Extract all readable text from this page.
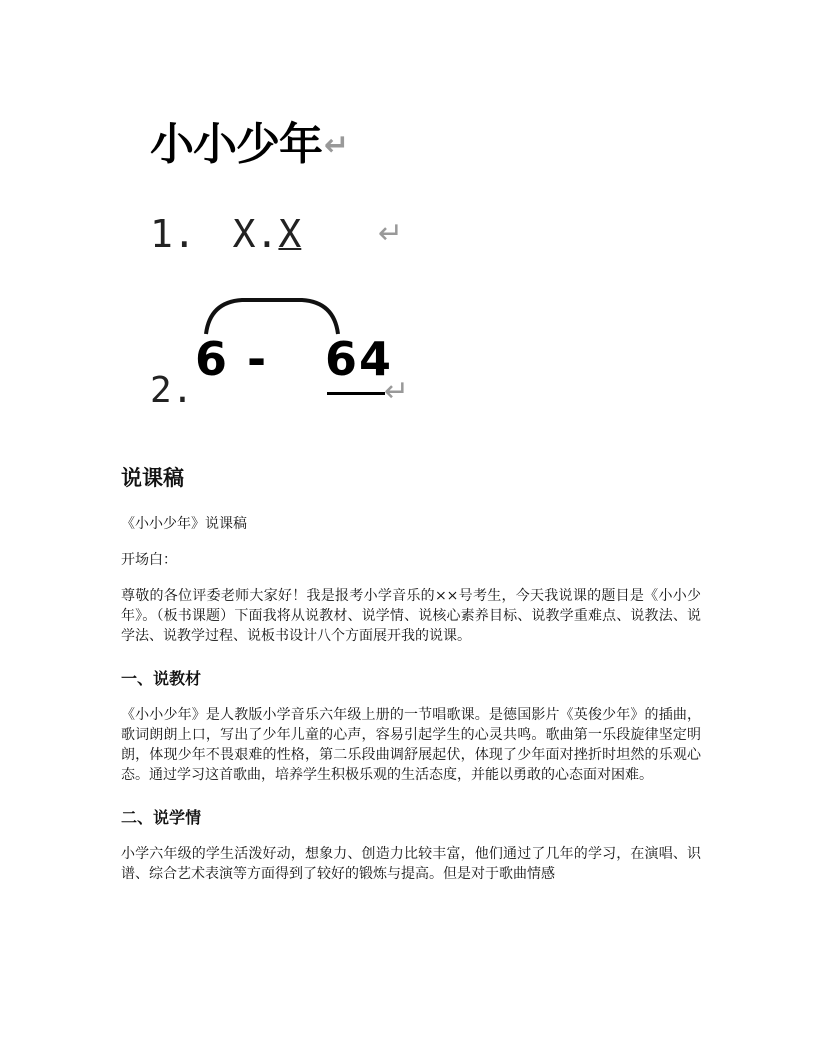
小小少年↵
1. X.X	↵
2.
6 - 64
↵
说课稿

《小小少年》说课稿

开场白：

尊敬的各位评委老师大家好！我是报考小学音乐的××号考生，今天我说课的题目是《小小少年》。（板书课题）下面我将从说教材、说学情、说核心素养目标、说教学重难点、说教法、说学法、说教学过程、说板书设计八个方面展开我的说课。

一、说教材

《小小少年》是人教版小学音乐六年级上册的一节唱歌课。是德国影片《英俊少年》的插曲，歌词朗朗上口，写出了少年儿童的心声，容易引起学生的心灵共鸣。歌曲第一乐段旋律坚定明朗，体现少年不畏艰难的性格，第二乐段曲调舒展起伏，体现了少年面对挫折时坦然的乐观心态。通过学习这首歌曲，培养学生积极乐观的生活态度，并能以勇敢的心态面对困难。

二、说学情

小学六年级的学生活泼好动，想象力、创造力比较丰富，他们通过了几年的学习，在演唱、识谱、综合艺术表演等方面得到了较好的锻炼与提高。但是对于歌曲情感
